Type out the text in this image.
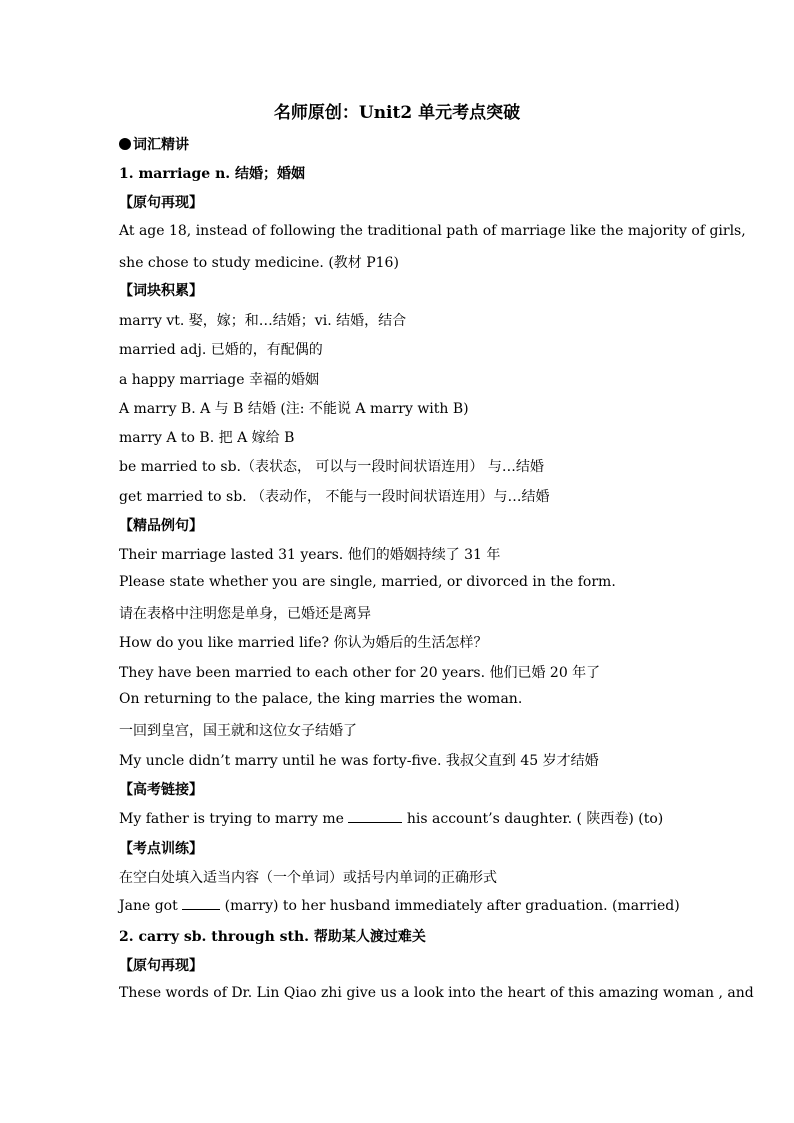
名师原创：Unit2 单元考点突破
词汇精讲
1. marriage n. 结婚；婚姻
【原句再现】
At age 18, instead of following the traditional path of marriage like the majority of girls,
she chose to study medicine. (教材 P16)
【词块积累】
marry vt. 娶，嫁；和…结婚；vi. 结婚，结合
married adj. 已婚的，有配偶的
a happy marriage 幸福的婚姻
A marry B. A 与 B 结婚 (注: 不能说 A marry with B)
marry A to B. 把 A 嫁给 B
be married to sb.（表状态， 可以与一段时间状语连用） 与…结婚
get married to sb. （表动作， 不能与一段时间状语连用）与…结婚
【精品例句】
Their marriage lasted 31 years. 他们的婚姻持续了 31 年
Please state whether you are single, married, or divorced in the form.
请在表格中注明您是单身，已婚还是离异
How do you like married life? 你认为婚后的生活怎样？
They have been married to each other for 20 years. 他们已婚 20 年了
On returning to the palace, the king marries the woman.
一回到皇宫，国王就和这位女子结婚了
My uncle didn’t marry until he was forty-five. 我叔父直到 45 岁才结婚
【高考链接】
My father is trying to marry me	his account’s daughter. ( 陕西卷) (to)
【考点训练】
在空白处填入适当内容（一个单词）或括号内单词的正确形式
Jane got	(marry) to her husband immediately after graduation. (married)
2. carry sb. through sth. 帮助某人渡过难关
【原句再现】
These words of Dr. Lin Qiao zhi give us a look into the heart of this amazing woman , and
